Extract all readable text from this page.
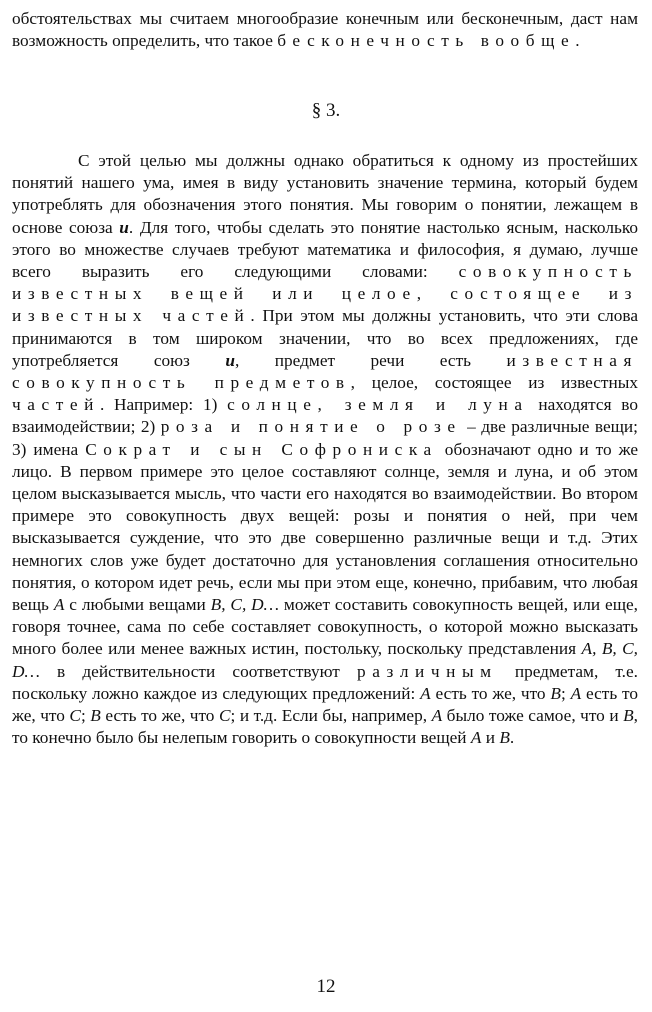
обстоятельствах мы считаем многообразие конечным или бесконечным, даст нам возможность определить, что такое бесконечность вообще.

§ 3.

С этой целью мы должны однако обратиться к одному из простейших понятий нашего ума, имея в виду установить значение термина, который будем употреблять для обозначения этого понятия. Мы говорим о понятии, лежащем в основе союза и. Для того, чтобы сделать это понятие настолько ясным, насколько этого во множестве случаев требуют математика и философия, я думаю, лучше всего выразить его следующими словами: совокупность известных вещей или целое, состоящее из известных частей. При этом мы должны установить, что эти слова принимаются в том широком значении, что во всех предложениях, где употребляется союз и, предмет речи есть известная совокупность предметов, целое, состоящее из известных частей. Например: 1) солнце, земля и луна находятся во взаимодействии; 2) роза и понятие о розе – две различные вещи; 3) имена Сократ и сын Софрониска обозначают одно и то же лицо. В первом примере это целое составляют солнце, земля и луна, и об этом целом высказывается мысль, что части его находятся во взаимодействии. Во втором примере это совокупность двух вещей: розы и понятия о ней, при чем высказывается суждение, что это две совершенно различные вещи и т.д. Этих немногих слов уже будет достаточно для установления соглашения относительно понятия, о котором идет речь, если мы при этом еще, конечно, прибавим, что любая вещь A с любыми вещами B, C, D… может составить совокупность вещей, или еще, говоря точнее, сама по себе составляет совокупность, о которой можно высказать много более или менее важных истин, постольку, поскольку представления A, B, C, D… в действительности соответствуют различным предметам, т.е. поскольку ложно каждое из следующих предложений: A есть то же, что B; A есть то же, что C; B есть то же, что C; и т.д. Если бы, например, A было тоже самое, что и B, то конечно было бы нелепым говорить о совокупности вещей A и B.

12
